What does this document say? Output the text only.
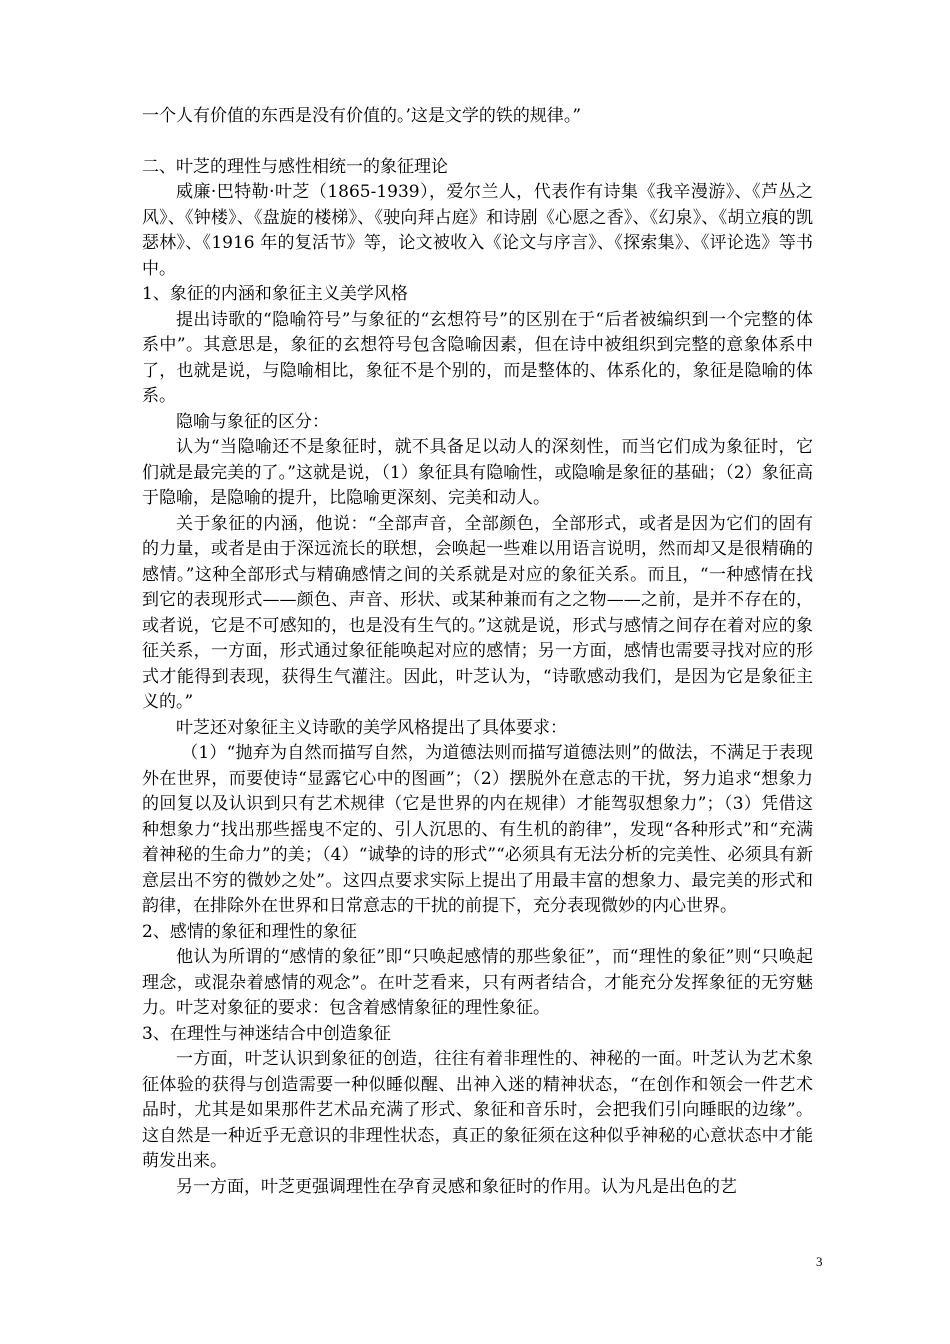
一个人有价值的东西是没有价值的。’这是文学的铁的规律。”

二、叶芝的理性与感性相统一的象征理论

威廉·巴特勒·叶芝（1865-1939），爱尔兰人，代表作有诗集《我辛漫游》、《芦丛之风》、《钟楼》、《盘旋的楼梯》、《驶向拜占庭》和诗剧《心愿之香》、《幻泉》、《胡立痕的凯瑟林》、《1916 年的复活节》等，论文被收入《论文与序言》、《探索集》、《评论选》等书中。

1、象征的内涵和象征主义美学风格

提出诗歌的“隐喻符号”与象征的“玄想符号”的区别在于“后者被编织到一个完整的体系中”。其意思是，象征的玄想符号包含隐喻因素，但在诗中被组织到完整的意象体系中了，也就是说，与隐喻相比，象征不是个别的，而是整体的、体系化的，象征是隐喻的体系。

隐喻与象征的区分：

认为“当隐喻还不是象征时，就不具备足以动人的深刻性，而当它们成为象征时，它们就是最完美的了。”这就是说，（1）象征具有隐喻性，或隐喻是象征的基础；（2）象征高于隐喻，是隐喻的提升，比隐喻更深刻、完美和动人。

关于象征的内涵，他说：“全部声音，全部颜色，全部形式，或者是因为它们的固有的力量，或者是由于深远流长的联想，会唤起一些难以用语言说明，然而却又是很精确的感情。”这种全部形式与精确感情之间的关系就是对应的象征关系。而且，“一种感情在找到它的表现形式——颜色、声音、形状、或某种兼而有之之物——之前，是并不存在的，或者说，它是不可感知的，也是没有生气的。”这就是说，形式与感情之间存在着对应的象征关系，一方面，形式通过象征能唤起对应的感情；另一方面，感情也需要寻找对应的形式才能得到表现，获得生气灌注。因此，叶芝认为，“诗歌感动我们，是因为它是象征主义的。”

叶芝还对象征主义诗歌的美学风格提出了具体要求：

（1）“抛弃为自然而描写自然，为道德法则而描写道德法则”的做法，不满足于表现外在世界，而要使诗“显露它心中的图画”；（2）摆脱外在意志的干扰，努力追求“想象力的回复以及认识到只有艺术规律（它是世界的内在规律）才能驾驭想象力”；（3）凭借这种想象力“找出那些摇曳不定的、引人沉思的、有生机的韵律”，发现“各种形式”和“充满着神秘的生命力”的美；（4）“诚挚的诗的形式”“必须具有无法分析的完美性、必须具有新意层出不穷的微妙之处”。这四点要求实际上提出了用最丰富的想象力、最完美的形式和韵律，在排除外在世界和日常意志的干扰的前提下，充分表现微妙的内心世界。

2、感情的象征和理性的象征

他认为所谓的“感情的象征”即“只唤起感情的那些象征”，而“理性的象征”则“只唤起理念，或混杂着感情的观念”。在叶芝看来，只有两者结合，才能充分发挥象征的无穷魅力。叶芝对象征的要求：包含着感情象征的理性象征。

3、在理性与神迷结合中创造象征

一方面，叶芝认识到象征的创造，往往有着非理性的、神秘的一面。叶芝认为艺术象征体验的获得与创造需要一种似睡似醒、出神入迷的精神状态，“在创作和领会一件艺术品时，尤其是如果那件艺术品充满了形式、象征和音乐时，会把我们引向睡眠的边缘”。这自然是一种近乎无意识的非理性状态，真正的象征须在这种似乎神秘的心意状态中才能萌发出来。

另一方面，叶芝更强调理性在孕育灵感和象征时的作用。认为凡是出色的艺

3
